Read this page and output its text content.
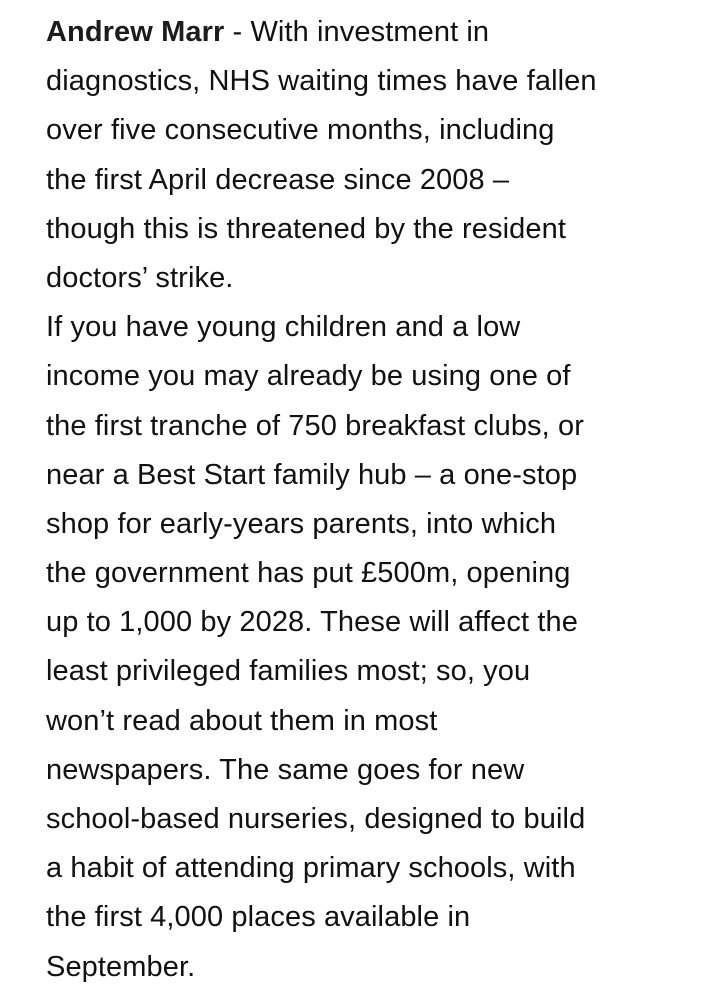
Andrew Marr - With investment in
diagnostics, NHS waiting times have fallen
over five consecutive months, including
the first April decrease since 2008 –
though this is threatened by the resident
doctors’ strike.
If you have young children and a low
income you may already be using one of
the first tranche of 750 breakfast clubs, or
near a Best Start family hub – a one-stop
shop for early-years parents, into which
the government has put £500m, opening
up to 1,000 by 2028. These will affect the
least privileged families most; so, you
won’t read about them in most
newspapers. The same goes for new
school-based nurseries, designed to build
a habit of attending primary schools, with
the first 4,000 places available in
September.
